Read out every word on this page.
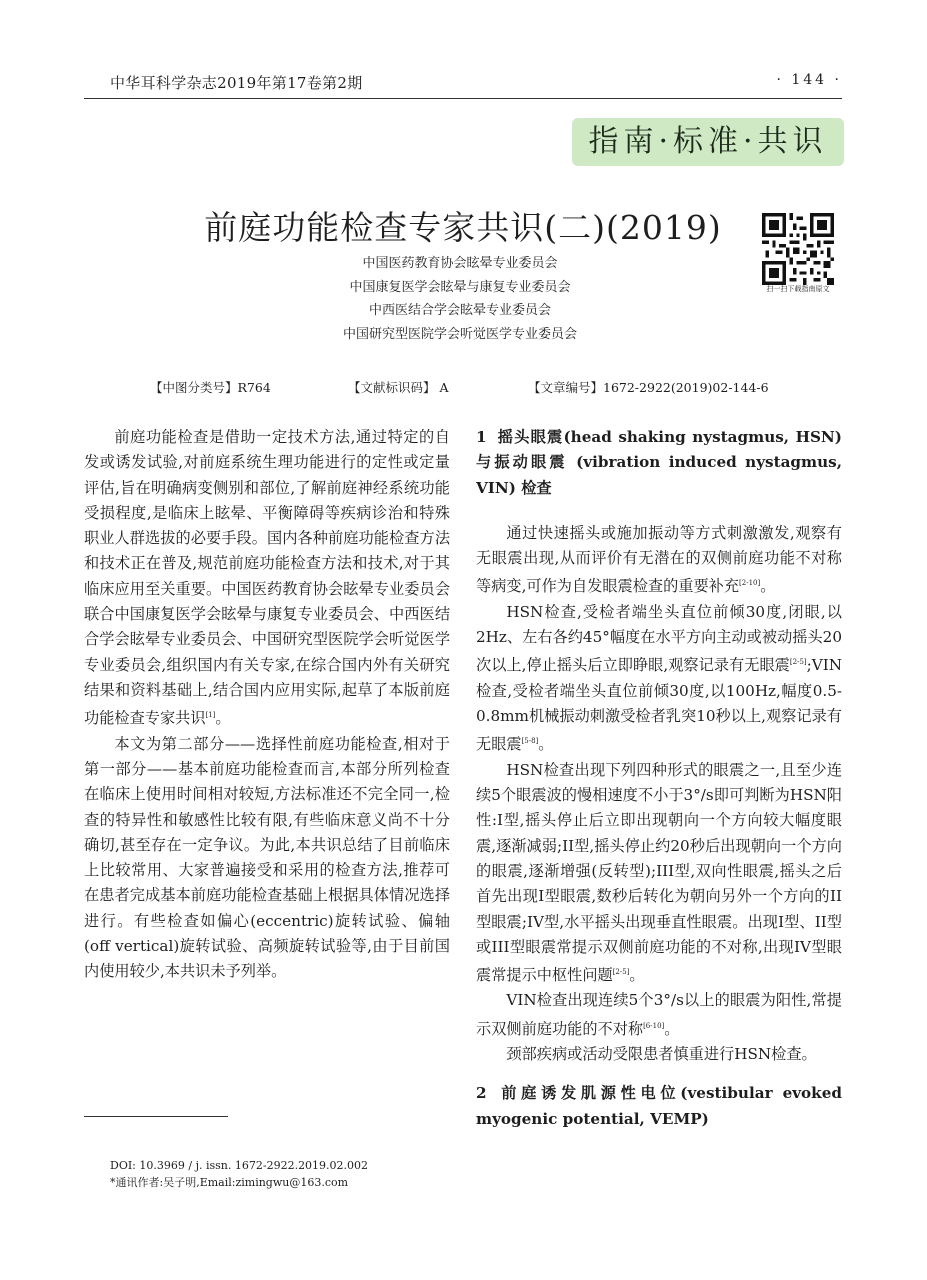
中华耳科学杂志2019年第17卷第2期	· 144 ·
指南·标准·共识
前庭功能检查专家共识(二)(2019)
中国医药教育协会眩晕专业委员会
中国康复医学会眩晕与康复专业委员会
中西医结合学会眩晕专业委员会
中国研究型医院学会听觉医学专业委员会
扫一扫下载指南原文
【中图分类号】R764	【文献标识码】 A	【文章编号】1672-2922(2019)02-144-6

前庭功能检查是借助一定技术方法,通过特定的自发或诱发试验,对前庭系统生理功能进行的定性或定量评估,旨在明确病变侧别和部位,了解前庭神经系统功能受损程度,是临床上眩晕、平衡障碍等疾病诊治和特殊职业人群选拔的必要手段。国内各种前庭功能检查方法和技术正在普及,规范前庭功能检查方法和技术,对于其临床应用至关重要。中国医药教育协会眩晕专业委员会联合中国康复医学会眩晕与康复专业委员会、中西医结合学会眩晕专业委员会、中国研究型医院学会听觉医学专业委员会,组织国内有关专家,在综合国内外有关研究结果和资料基础上,结合国内应用实际,起草了本版前庭功能检查专家共识[1]。

本文为第二部分——选择性前庭功能检查,相对于第一部分——基本前庭功能检查而言,本部分所列检查在临床上使用时间相对较短,方法标准还不完全同一,检查的特异性和敏感性比较有限,有些临床意义尚不十分确切,甚至存在一定争议。为此,本共识总结了目前临床上比较常用、大家普遍接受和采用的检查方法,推荐可在患者完成基本前庭功能检查基础上根据具体情况选择进行。有些检查如偏心(eccentric)旋转试验、偏轴(off vertical)旋转试验、高频旋转试验等,由于目前国内使用较少,本共识未予列举。

DOI: 10.3969 / j. issn. 1672-2922.2019.02.002
*通讯作者:吴子明,Email:zimingwu@163.com
1 摇头眼震(head shaking nystagmus, HSN)与振动眼震 (vibration induced nystagmus, VIN) 检查

通过快速摇头或施加振动等方式刺激激发,观察有无眼震出现,从而评价有无潜在的双侧前庭功能不对称等病变,可作为自发眼震检查的重要补充[2-10]。

HSN检查,受检者端坐头直位前倾30度,闭眼,以2Hz、左右各约45°幅度在水平方向主动或被动摇头20次以上,停止摇头后立即睁眼,观察记录有无眼震[2-5];VIN检查,受检者端坐头直位前倾30度,以100Hz,幅度0.5-0.8mm机械振动刺激受检者乳突10秒以上,观察记录有无眼震[5-8]。

HSN检查出现下列四种形式的眼震之一,且至少连续5个眼震波的慢相速度不小于3°/s即可判断为HSN阳性:I型,摇头停止后立即出现朝向一个方向较大幅度眼震,逐渐减弱;II型,摇头停止约20秒后出现朝向一个方向的眼震,逐渐增强(反转型);III型,双向性眼震,摇头之后首先出现I型眼震,数秒后转化为朝向另外一个方向的II型眼震;IV型,水平摇头出现垂直性眼震。出现I型、II型或III型眼震常提示双侧前庭功能的不对称,出现IV型眼震常提示中枢性问题[2-5]。

VIN检查出现连续5个3°/s以上的眼震为阳性,常提示双侧前庭功能的不对称[6-10]。

颈部疾病或活动受限患者慎重进行HSN检查。

2 前庭诱发肌源性电位(vestibular evoked myogenic potential, VEMP)
